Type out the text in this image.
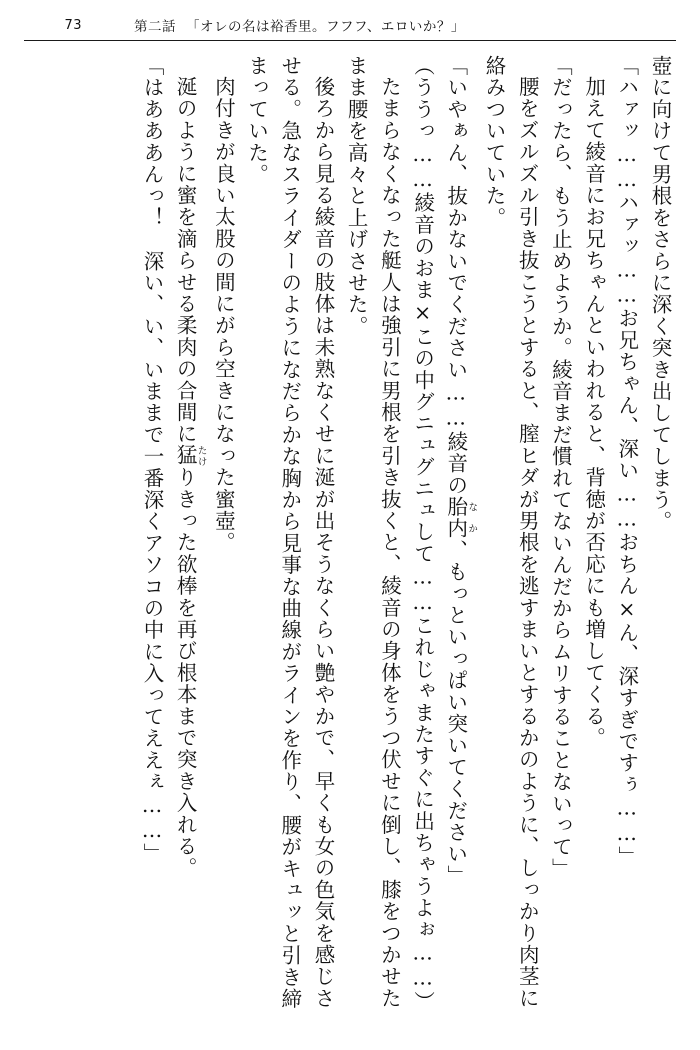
73	第二話 「オレの名は裕香里。フフフ、エロいか？」

壺に向けて男根をさらに深く突き出してしまう。

「ハァッ……ハァッ……お兄ちゃん、深い……おちん×ん、深すぎですぅ……」

加えて綾音にお兄ちゃんといわれると、背徳が否応にも増してくる。

「だったら、もう止めようか。綾音まだ慣れてないんだからムリすることないって」

腰をズルズル引き抜こうとすると、膣ヒダが男根を逃すまいとするかのように、しっかり肉茎に絡みついていた。

「いやぁん、抜かないでください……綾音の胎内なか、もっといっぱい突いてください」

（ううっ……綾音のおま×この中グニュグニュして……これじゃまたすぐに出ちゃうよぉ……）

たまらなくなった艇人は強引に男根を引き抜くと、綾音の身体をうつ伏せに倒し、膝をつかせたまま腰を高々と上げさせた。

後ろから見る綾音の肢体は未熟なくせに涎が出そうなくらい艶やかで、早くも女の色気を感じさせる。急なスライダーのようになだらかな胸から見事な曲線がラインを作り、腰がキュッと引き締まっていた。

肉付きが良い太股の間にがら空きになった蜜壺。

涎のように蜜を滴らせる柔肉の合間に猛たけりきった欲棒を再び根本まで突き入れる。

「はあああんっ！　深い、い、いままで一番深くアソコの中に入ってええぇ……」
